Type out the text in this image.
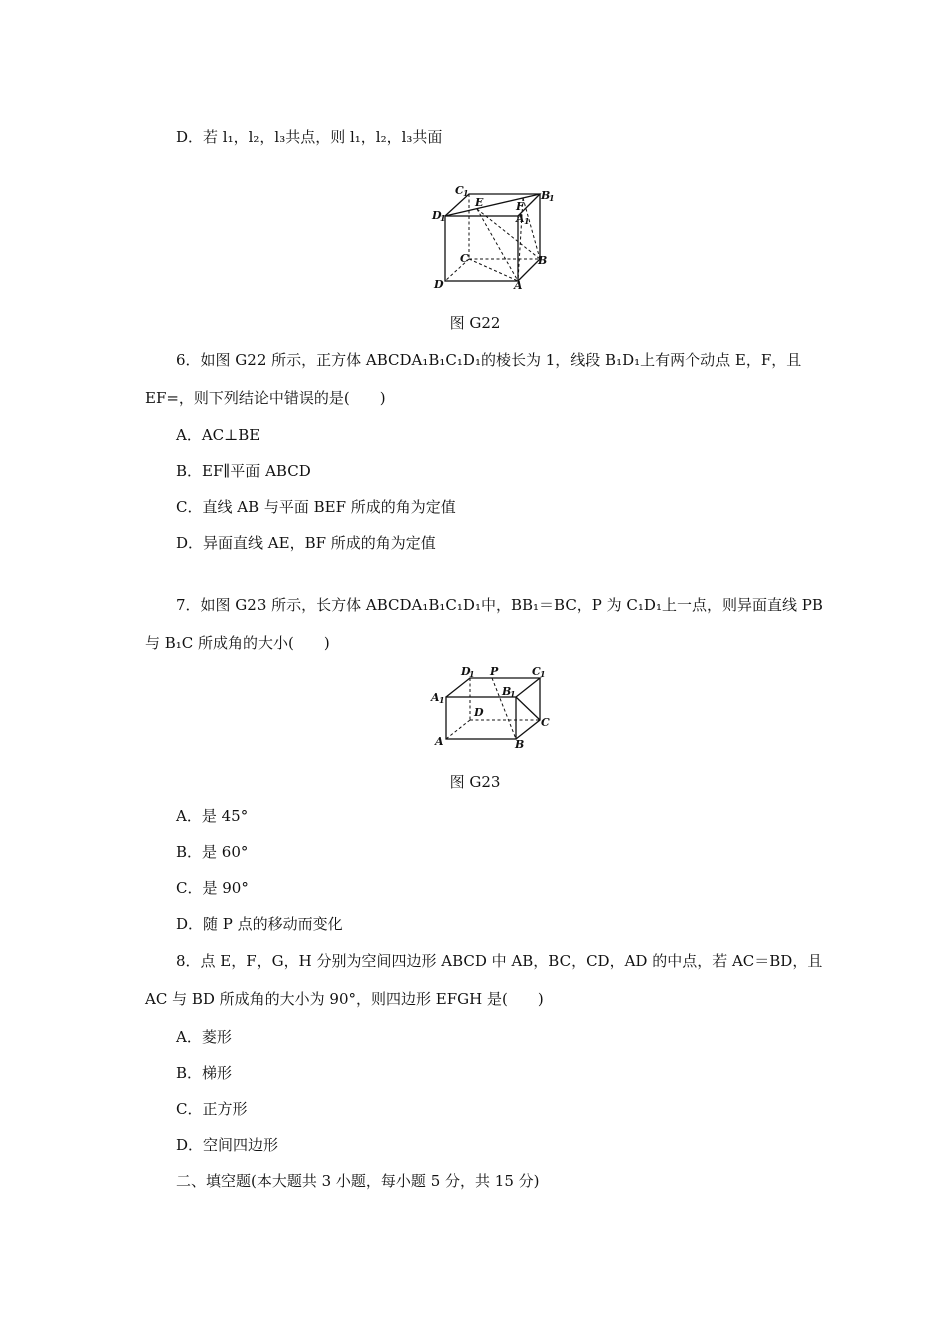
D．若 l₁，l₂，l₃共点，则 l₁，l₂，l₃共面
C 1	B
1
D
1
E	F
A 1
C	B
D	A
图 G22
6．如图 G22 所示，正方体 ABCDA₁B₁C₁D₁的棱长为 1，线段 B₁D₁上有两个动点 E，F，且
EF=，则下列结论中错误的是(　　)
A．AC⊥BE
B．EF∥平面 ABCD
C．直线 AB 与平面 BEF 所成的角为定值
D．异面直线 AE，BF 所成的角为定值
7．如图 G23 所示，长方体 ABCDA₁B₁C₁D₁中，BB₁＝BC，P 为 C₁D₁上一点，则异面直线 PB
与 B₁C 所成角的大小(　　)
D
1 P	C 1
A 1
B
1
D
C
A	B
图 G23
A．是 45°
B．是 60°
C．是 90°
D．随 P 点的移动而变化
8．点 E，F，G，H 分别为空间四边形 ABCD 中 AB，BC，CD，AD 的中点，若 AC＝BD，且
AC 与 BD 所成角的大小为 90°，则四边形 EFGH 是(　　)
A．菱形
B．梯形
C．正方形
D．空间四边形
二、填空题(本大题共 3 小题，每小题 5 分，共 15 分)
